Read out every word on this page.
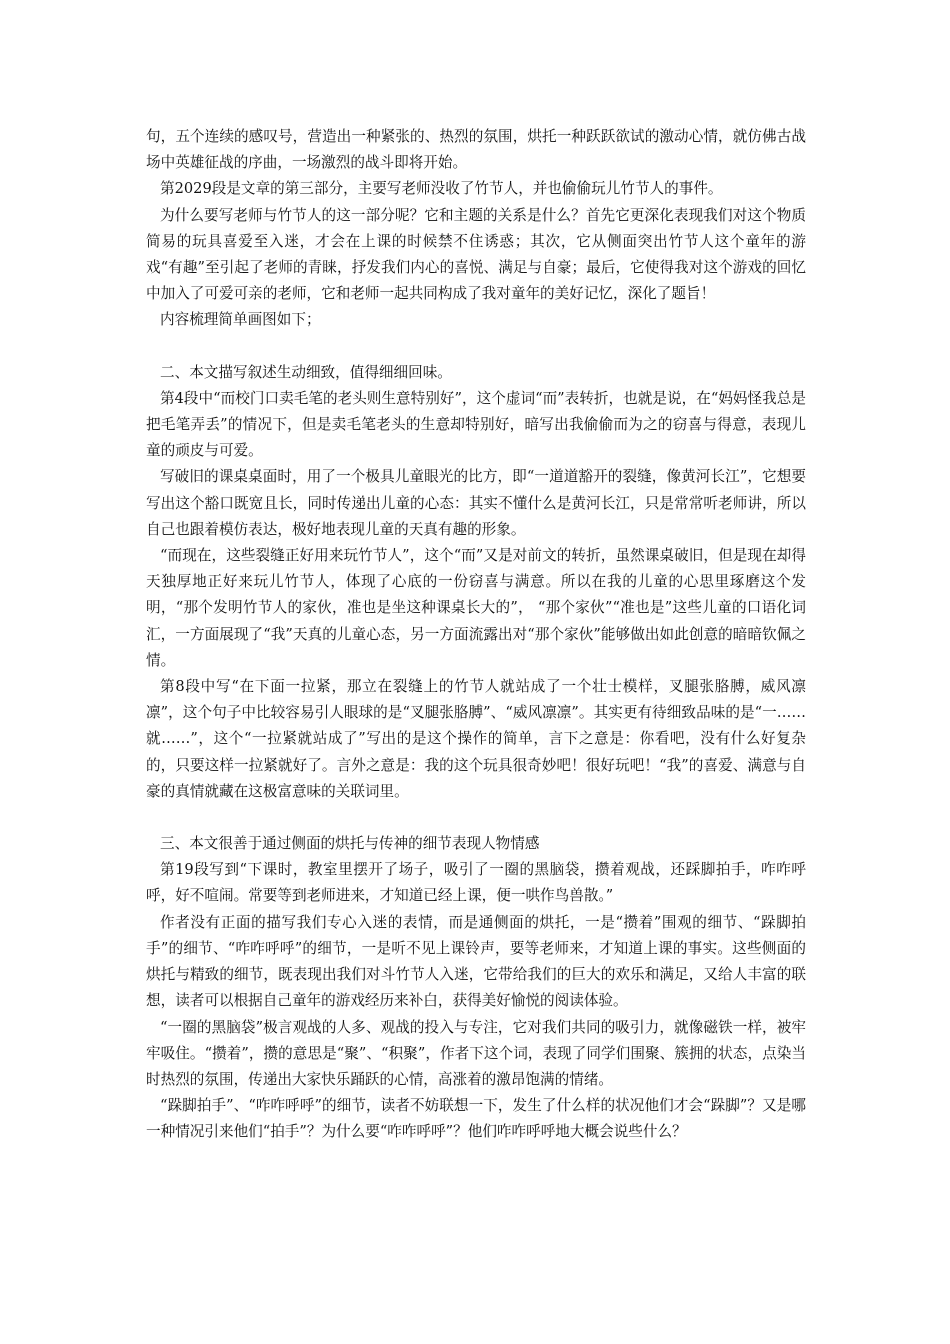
句，五个连续的感叹号，营造出一种紧张的、热烈的氛围，烘托一种跃跃欲试的激动心情，就仿佛古战场中英雄征战的序曲，一场激烈的战斗即将开始。

第2029段是文章的第三部分，主要写老师没收了竹节人，并也偷偷玩儿竹节人的事件。

为什么要写老师与竹节人的这一部分呢？它和主题的关系是什么？首先它更深化表现我们对这个物质简易的玩具喜爱至入迷，才会在上课的时候禁不住诱惑；其次，它从侧面突出竹节人这个童年的游戏“有趣”至引起了老师的青睐，抒发我们内心的喜悦、满足与自豪；最后，它使得我对这个游戏的回忆中加入了可爱可亲的老师，它和老师一起共同构成了我对童年的美好记忆，深化了题旨！

内容梳理简单画图如下；

二、本文描写叙述生动细致，值得细细回味。

第4段中“而校门口卖毛笔的老头则生意特别好”，这个虚词“而”表转折，也就是说，在“妈妈怪我总是把毛笔弄丢”的情况下，但是卖毛笔老头的生意却特别好，暗写出我偷偷而为之的窃喜与得意，表现儿童的顽皮与可爱。

写破旧的课桌桌面时，用了一个极具儿童眼光的比方，即“一道道豁开的裂缝，像黄河长江”，它想要写出这个豁口既宽且长，同时传递出儿童的心态：其实不懂什么是黄河长江，只是常常听老师讲，所以自己也跟着模仿表达，极好地表现儿童的天真有趣的形象。

“而现在，这些裂缝正好用来玩竹节人”，这个“而”又是对前文的转折，虽然课桌破旧，但是现在却得天独厚地正好来玩儿竹节人，体现了心底的一份窃喜与满意。所以在我的儿童的心思里琢磨这个发明，“那个发明竹节人的家伙，准也是坐这种课桌长大的”， “那个家伙”“准也是”这些儿童的口语化词汇，一方面展现了“我”天真的儿童心态，另一方面流露出对“那个家伙”能够做出如此创意的暗暗钦佩之情。

第8段中写“在下面一拉紧，那立在裂缝上的竹节人就站成了一个壮士模样，叉腿张胳膊，威风凛凛”，这个句子中比较容易引人眼球的是“叉腿张胳膊”、“威风凛凛”。其实更有待细致品味的是“一……就……”，这个“一拉紧就站成了”写出的是这个操作的简单，言下之意是：你看吧，没有什么好复杂的，只要这样一拉紧就好了。言外之意是：我的这个玩具很奇妙吧！很好玩吧！“我”的喜爱、满意与自豪的真情就藏在这极富意味的关联词里。

三、本文很善于通过侧面的烘托与传神的细节表现人物情感

第19段写到“下课时，教室里摆开了场子，吸引了一圈的黑脑袋，攒着观战，还踩脚拍手，咋咋呼呼，好不喧闹。常要等到老师进来，才知道已经上课，便一哄作鸟兽散。”

作者没有正面的描写我们专心入迷的表情，而是通侧面的烘托，一是“攒着”围观的细节、“跺脚拍手”的细节、“咋咋呼呼”的细节，一是听不见上课铃声，要等老师来，才知道上课的事实。这些侧面的烘托与精致的细节，既表现出我们对斗竹节人入迷，它带给我们的巨大的欢乐和满足，又给人丰富的联想，读者可以根据自己童年的游戏经历来补白，获得美好愉悦的阅读体验。

“一圈的黑脑袋”极言观战的人多、观战的投入与专注，它对我们共同的吸引力，就像磁铁一样，被牢牢吸住。“攒着”，攒的意思是“聚”、“积聚”，作者下这个词，表现了同学们围聚、簇拥的状态，点染当时热烈的氛围，传递出大家快乐踊跃的心情，高涨着的激昂饱满的情绪。

“跺脚拍手”、“咋咋呼呼”的细节，读者不妨联想一下，发生了什么样的状况他们才会“跺脚”？又是哪一种情况引来他们“拍手”？为什么要“咋咋呼呼”？他们咋咋呼呼地大概会说些什么？
